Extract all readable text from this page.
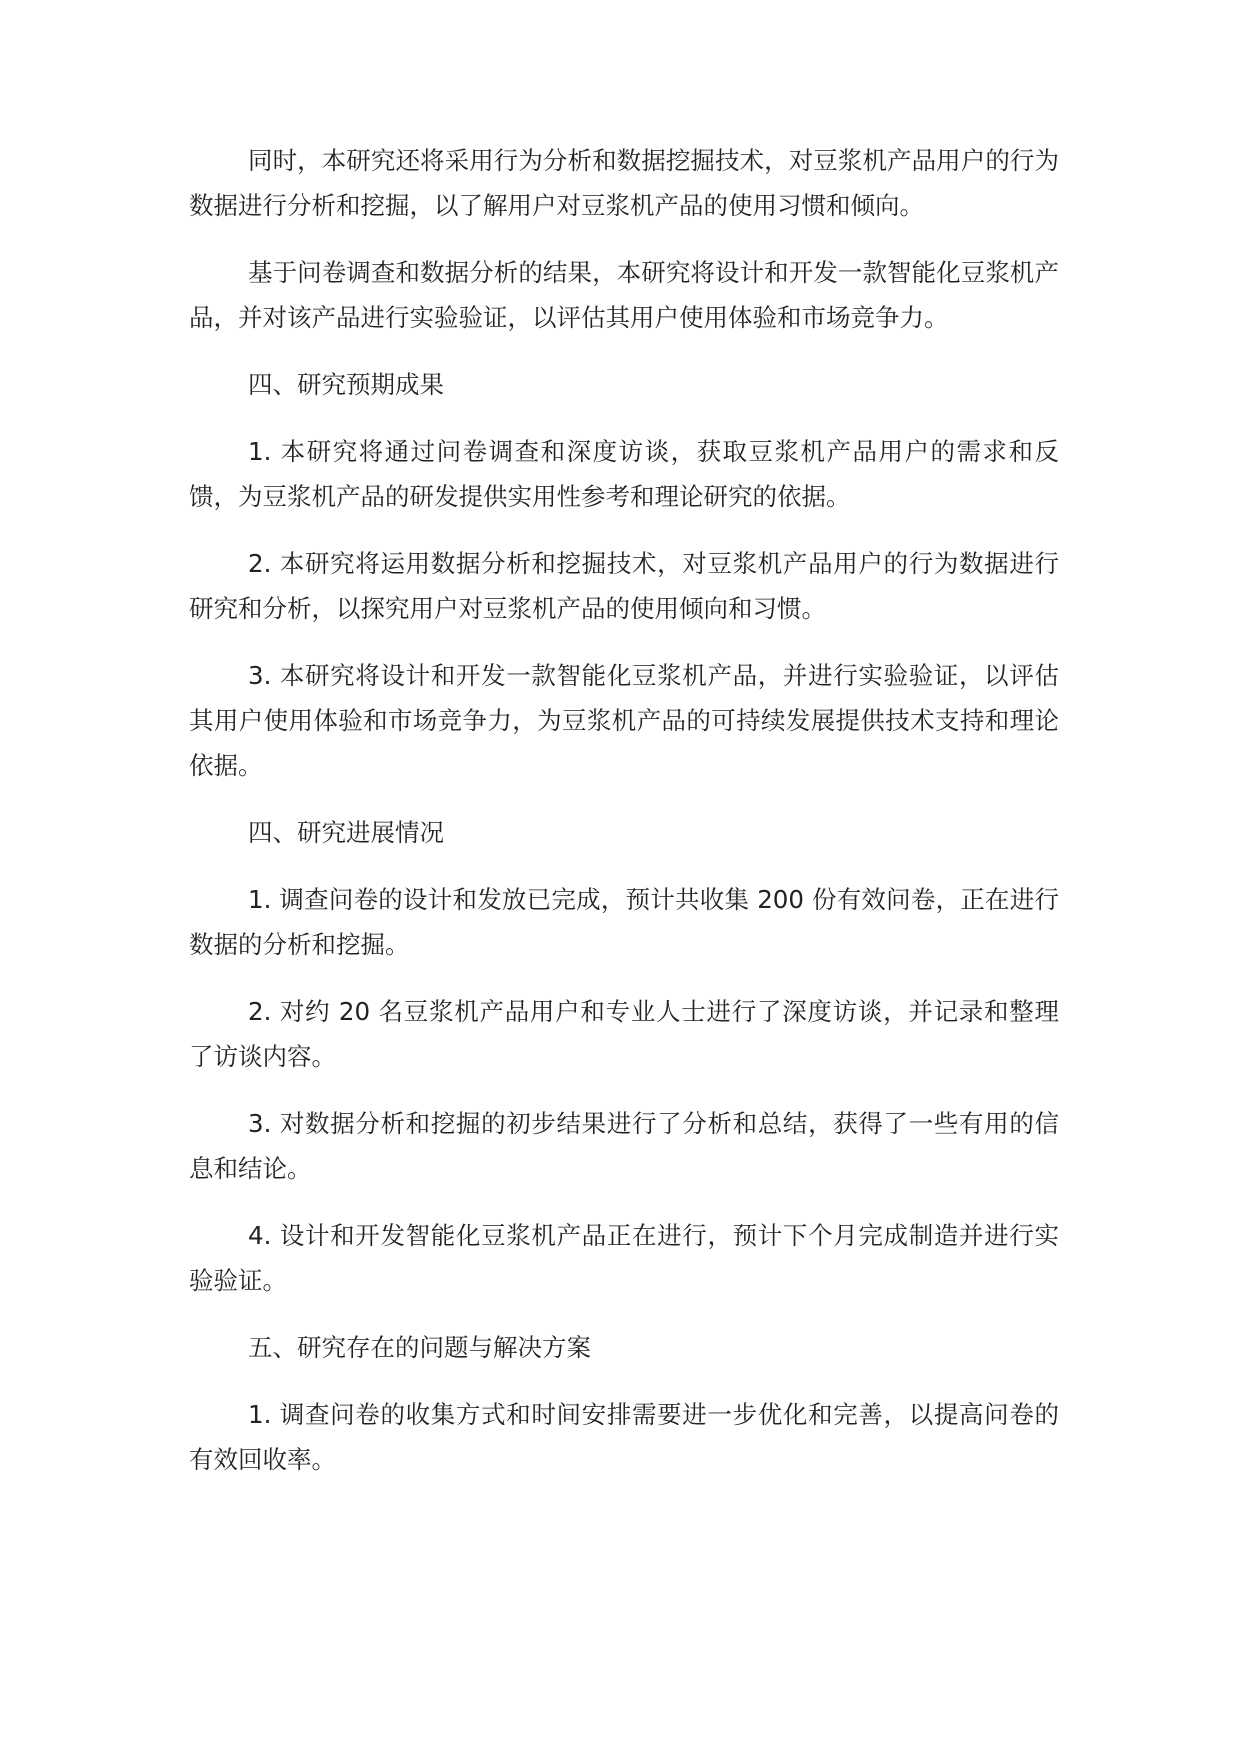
同时，本研究还将采用行为分析和数据挖掘技术，对豆浆机产品用户的行为数据进行分析和挖掘，以了解用户对豆浆机产品的使用习惯和倾向。

基于问卷调查和数据分析的结果，本研究将设计和开发一款智能化豆浆机产品，并对该产品进行实验验证，以评估其用户使用体验和市场竞争力。

四、研究预期成果

1. 本研究将通过问卷调查和深度访谈，获取豆浆机产品用户的需求和反馈，为豆浆机产品的研发提供实用性参考和理论研究的依据。

2. 本研究将运用数据分析和挖掘技术，对豆浆机产品用户的行为数据进行研究和分析，以探究用户对豆浆机产品的使用倾向和习惯。

3. 本研究将设计和开发一款智能化豆浆机产品，并进行实验验证，以评估其用户使用体验和市场竞争力，为豆浆机产品的可持续发展提供技术支持和理论依据。

四、研究进展情况

1. 调查问卷的设计和发放已完成，预计共收集 200 份有效问卷，正在进行数据的分析和挖掘。

2. 对约 20 名豆浆机产品用户和专业人士进行了深度访谈，并记录和整理了访谈内容。

3. 对数据分析和挖掘的初步结果进行了分析和总结，获得了一些有用的信息和结论。

4. 设计和开发智能化豆浆机产品正在进行，预计下个月完成制造并进行实验验证。

五、研究存在的问题与解决方案

1. 调查问卷的收集方式和时间安排需要进一步优化和完善，以提高问卷的有效回收率。
